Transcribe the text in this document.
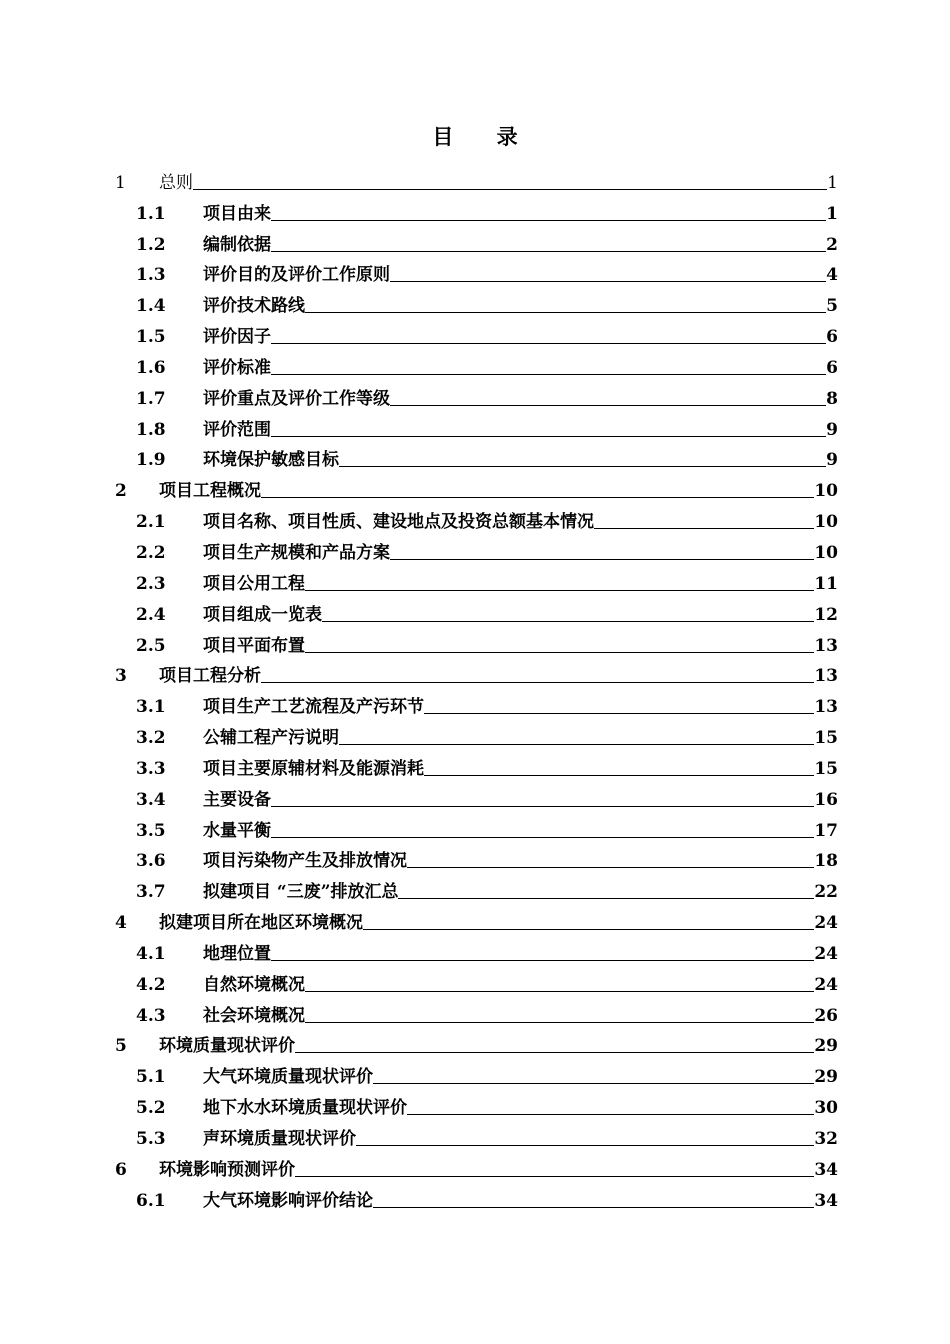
目 录
1	总则	1
1.1	项目由来	1
1.2	编制依据	2
1.3	评价目的及评价工作原则	4
1.4	评价技术路线	5
1.5	评价因子	6
1.6	评价标准	6
1.7	评价重点及评价工作等级	8
1.8	评价范围	9
1.9	环境保护敏感目标	9
2	项目工程概况	10
2.1	项目名称、项目性质、建设地点及投资总额基本情况	10
2.2	项目生产规模和产品方案	10
2.3	项目公用工程	11
2.4	项目组成一览表	12
2.5	项目平面布置	13
3	项目工程分析	13
3.1	项目生产工艺流程及产污环节	13
3.2	公辅工程产污说明	15
3.3	项目主要原辅材料及能源消耗	15
3.4	主要设备	16
3.5	水量平衡	17
3.6	项目污染物产生及排放情况	18
3.7	拟建项目 “三废”排放汇总	22
4	拟建项目所在地区环境概况	24
4.1	地理位置	24
4.2	自然环境概况	24
4.3	社会环境概况	26
5	环境质量现状评价	29
5.1	大气环境质量现状评价	29
5.2	地下水水环境质量现状评价	30
5.3	声环境质量现状评价	32
6	环境影响预测评价	34
6.1	大气环境影响评价结论	34
